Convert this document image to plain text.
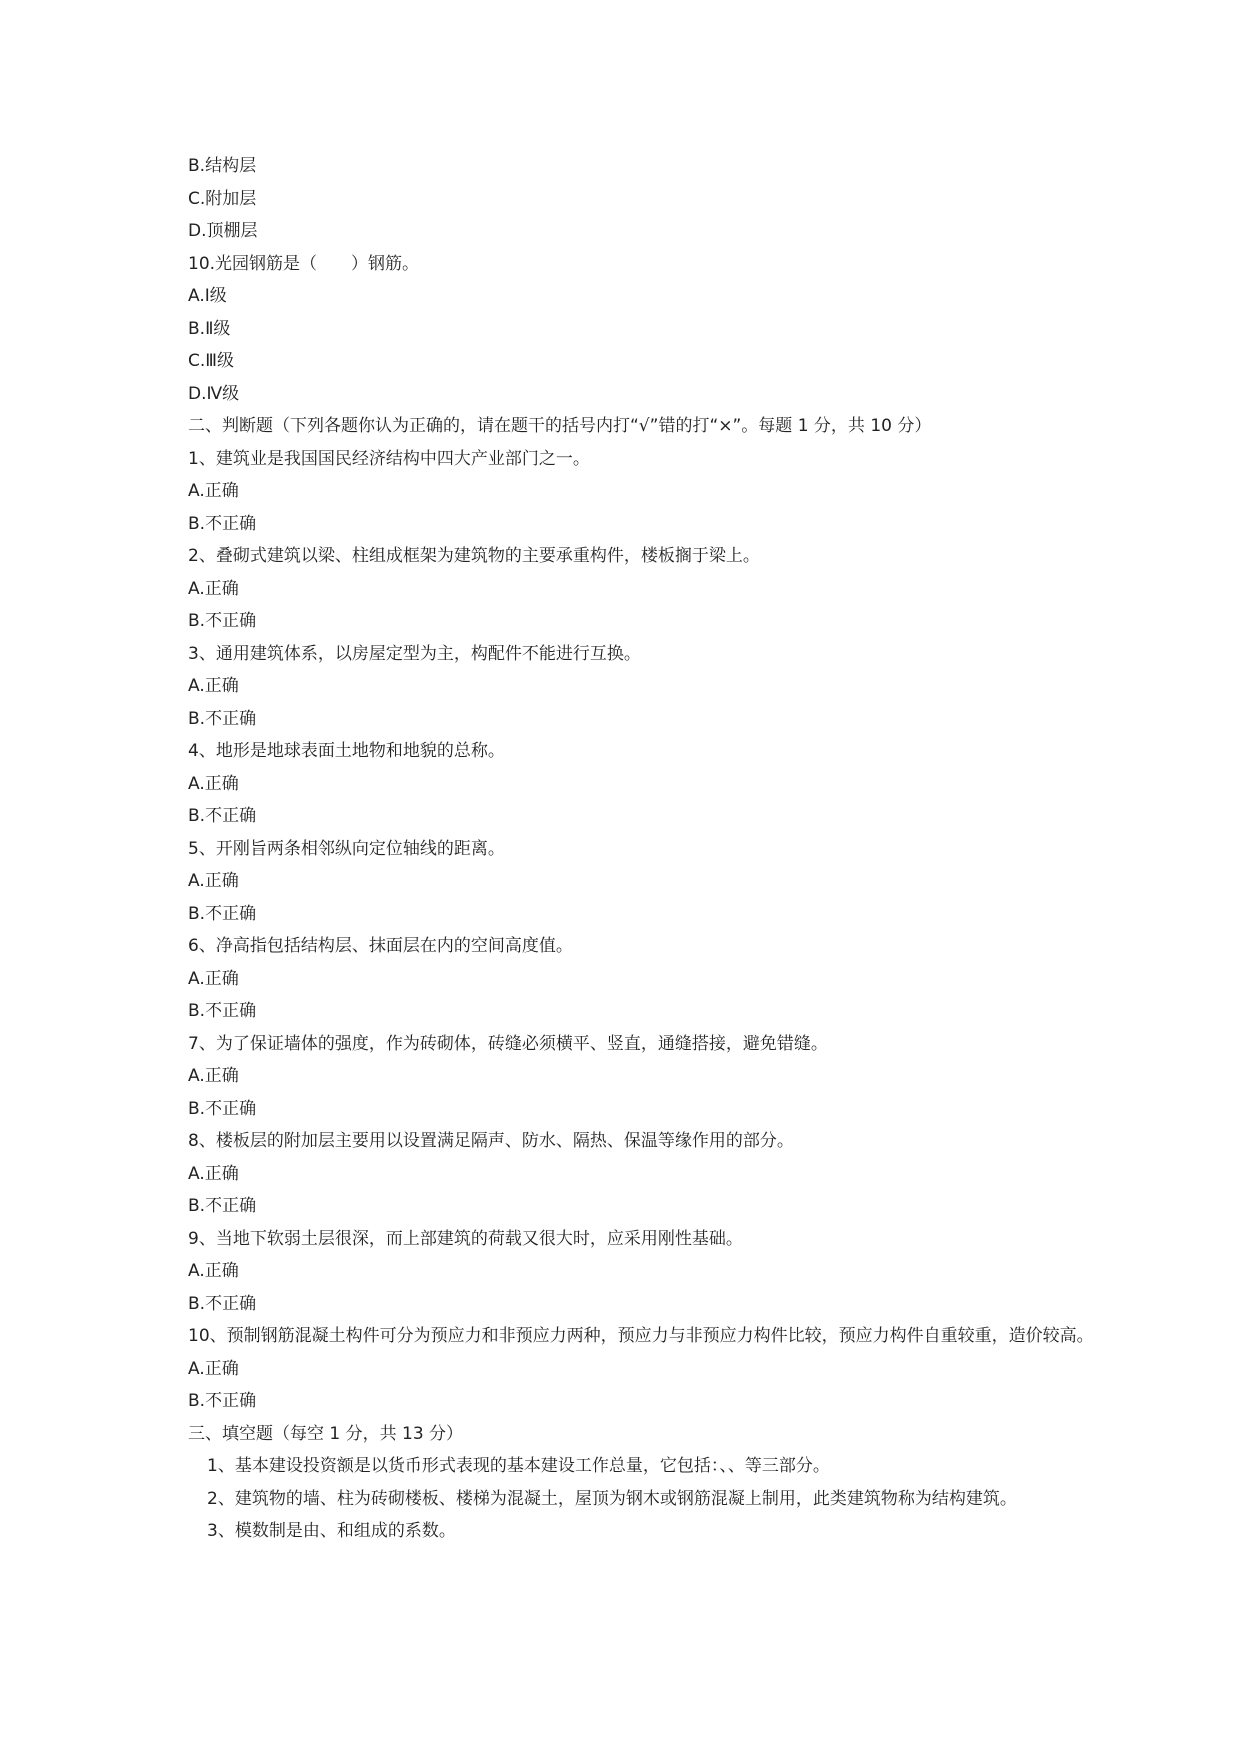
B.结构层

C.附加层

D.顶棚层

10.光园钢筋是（　　）钢筋。

A.Ⅰ级

B.Ⅱ级

C.Ⅲ级

D.Ⅳ级

二、判断题（下列各题你认为正确的，请在题干的括号内打“√”错的打“×”。每题 1 分，共 10 分）

1、建筑业是我国国民经济结构中四大产业部门之一。

A.正确

B.不正确

2、叠砌式建筑以梁、柱组成框架为建筑物的主要承重构件，楼板搁于梁上。

A.正确

B.不正确

3、通用建筑体系，以房屋定型为主，构配件不能进行互换。

A.正确

B.不正确

4、地形是地球表面土地物和地貌的总称。

A.正确

B.不正确

5、开刚旨两条相邻纵向定位轴线的距离。

A.正确

B.不正确

6、净高指包括结构层、抹面层在内的空间高度值。

A.正确

B.不正确

7、为了保证墙体的强度，作为砖砌体，砖缝必须横平、竖直，通缝搭接，避免错缝。

A.正确

B.不正确

8、楼板层的附加层主要用以设置满足隔声、防水、隔热、保温等缘作用的部分。

A.正确

B.不正确

9、当地下软弱土层很深，而上部建筑的荷载又很大时，应采用刚性基础。

A.正确

B.不正确

10、预制钢筋混凝土构件可分为预应力和非预应力两种，预应力与非预应力构件比较，预应力构件自重较重，造价较高。

A.正确

B.不正确

三、填空题（每空 1 分，共 13 分）

1、基本建设投资额是以货币形式表现的基本建设工作总量，它包括：、、等三部分。

2、建筑物的墙、柱为砖砌楼板、楼梯为混凝土，屋顶为钢木或钢筋混凝上制用，此类建筑物称为结构建筑。

3、模数制是由、和组成的系数。
